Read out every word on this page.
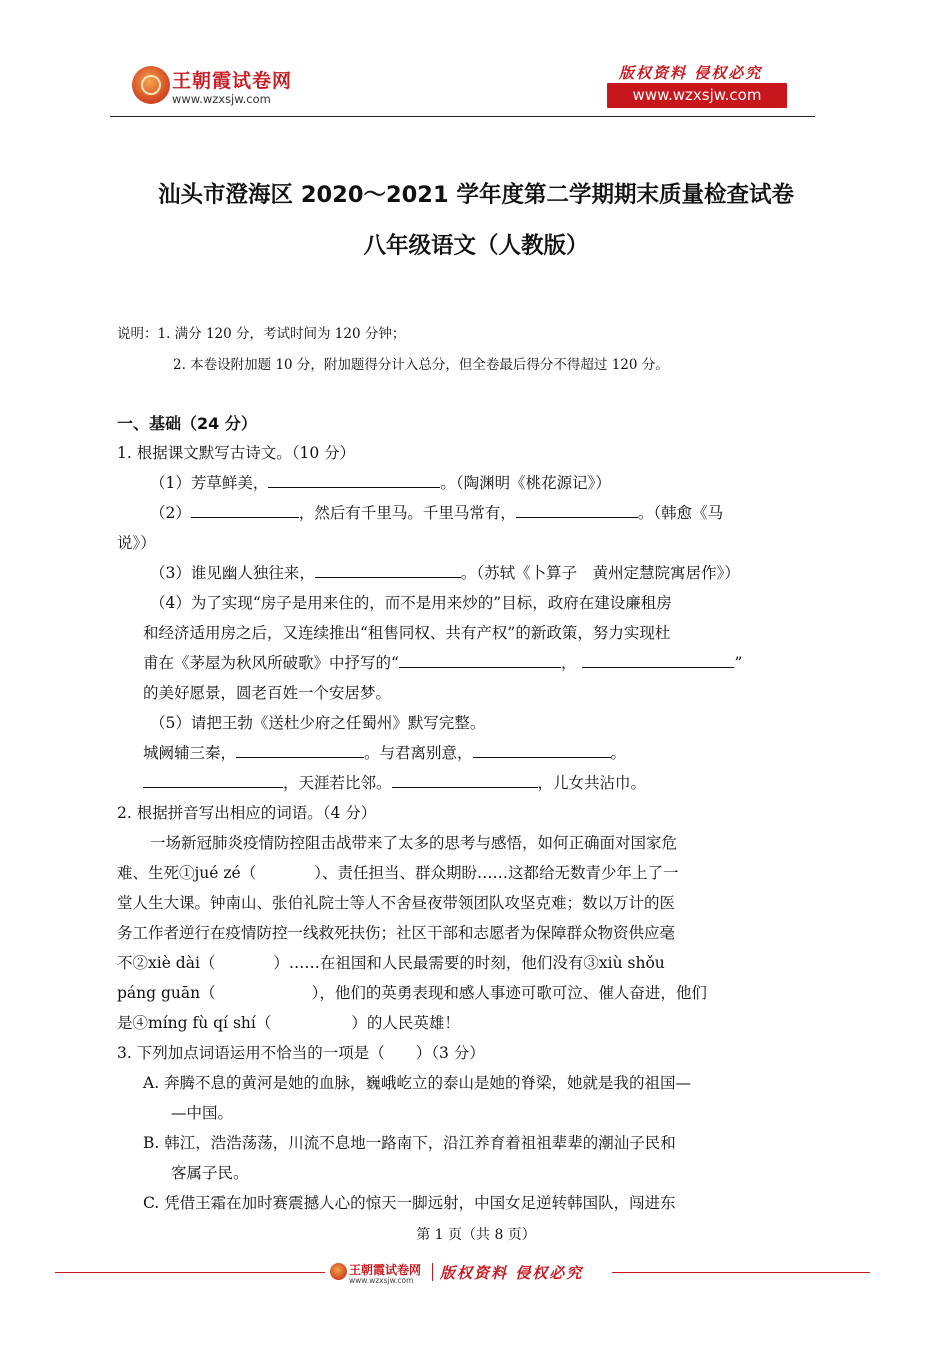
王朝霞试卷网
www.wzxsjw.com
版权资料 侵权必究
www.wzxsjw.com
汕头市澄海区 2020～2021 学年度第二学期期末质量检查试卷
八年级语文（人教版）
说明：1. 满分 120 分，考试时间为 120 分钟；
2. 本卷设附加题 10 分，附加题得分计入总分，但全卷最后得分不得超过 120 分。
一、基础（24 分）
1. 根据课文默写古诗文。（10 分）
（1）芳草鲜美，	。（陶渊明《桃花源记》）
（2）	，然后有千里马。千里马常有，	。（韩愈《马
说》）
（3）谁见幽人独往来，	。（苏轼《卜算子　黄州定慧院寓居作》）
（4）为了实现“房子是用来住的，而不是用来炒的”目标，政府在建设廉租房
和经济适用房之后，又连续推出“租售同权、共有产权”的新政策，努力实现杜
甫在《茅屋为秋风所破歌》中抒写的“	，	”
的美好愿景，圆老百姓一个安居梦。
（5）请把王勃《送杜少府之任蜀州》默写完整。
城阙辅三秦，	。与君离别意，	。
，天涯若比邻。	，儿女共沾巾。
2. 根据拼音写出相应的词语。（4 分）
一场新冠肺炎疫情防控阻击战带来了太多的思考与感悟，如何正确面对国家危
难、生死①jué zé（	）、责任担当、群众期盼……这都给无数青少年上了一
堂人生大课。钟南山、张伯礼院士等人不舍昼夜带领团队攻坚克难；数以万计的医
务工作者逆行在疫情防控一线救死扶伤；社区干部和志愿者为保障群众物资供应毫
不②xiè dài（	）……在祖国和人民最需要的时刻，他们没有③xiù shǒu
páng guān（	），他们的英勇表现和感人事迹可歌可泣、催人奋进，他们
是④míng fù qí shí（	）的人民英雄！
3. 下列加点词语运用不恰当的一项是（　　）（3 分）
A. 奔腾不息的黄河是她的血脉，巍峨屹立的泰山是她的脊梁，她就是我的祖国—
—中国。
B. 韩江，浩浩荡荡，川流不息地一路南下，沿江养育着祖祖辈辈的潮汕子民和
客属子民。
C. 凭借王霜在加时赛震撼人心的惊天一脚远射，中国女足逆转韩国队，闯进东
第 1 页（共 8 页）
王朝霞试卷网
www.wzxsjw.com 版权资料 侵权必究
